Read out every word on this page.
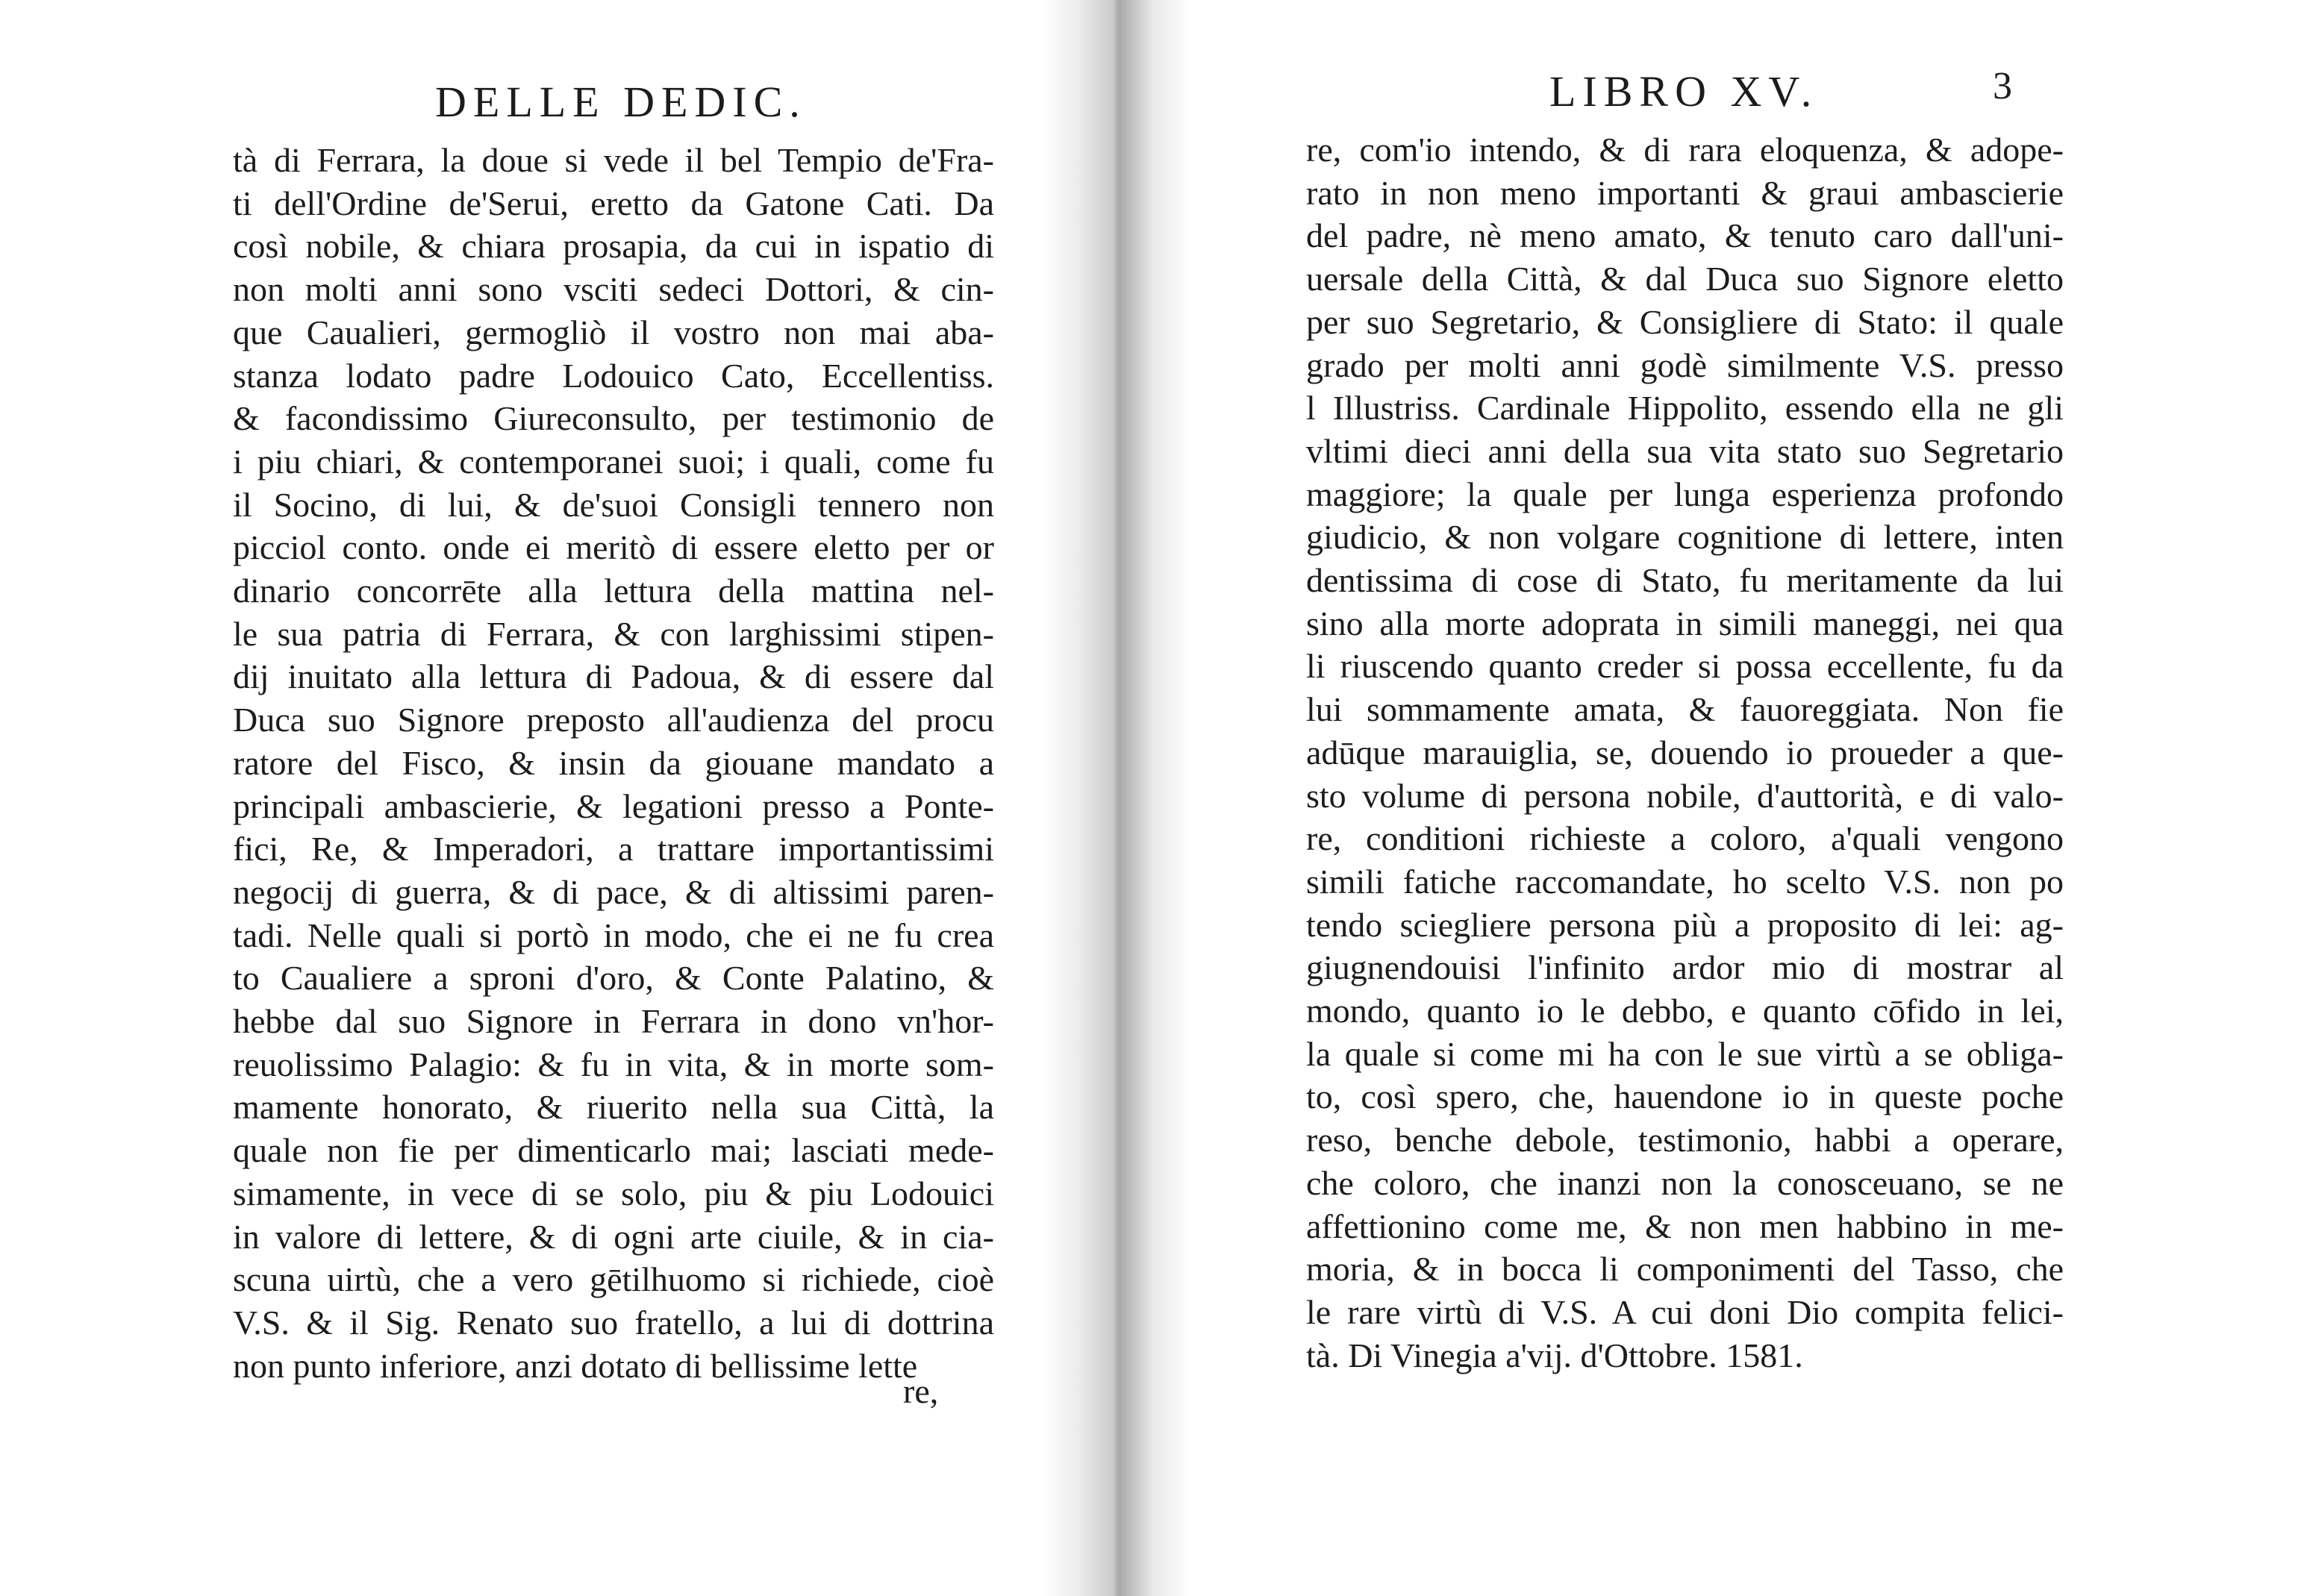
DELLE DEDIC.
tà di Ferrara, la doue si vede il bel Tempio de'Fra-
ti dell'Ordine de'Serui, eretto da Gatone Cati. Da
così nobile, & chiara prosapia, da cui in ispatio di
non molti anni sono vsciti sedeci Dottori, & cin-
que Caualieri, germogliò il vostro non mai aba-
stanza lodato padre Lodouico Cato, Eccellentiss.
& facondissimo Giureconsulto, per testimonio de
i piu chiari, & contemporanei suoi; i quali, come fu
il Socino, di lui, & de'suoi Consigli tennero non
picciol conto. onde ei meritò di essere eletto per or
dinario concorrēte alla lettura della mattina nel-
le sua patria di Ferrara, & con larghissimi stipen-
dij inuitato alla lettura di Padoua, & di essere dal
Duca suo Signore preposto all'audienza del procu
ratore del Fisco, & insin da giouane mandato a
principali ambascierie, & legationi presso a Ponte-
fici, Re, & Imperadori, a trattare importantissimi
negocij di guerra, & di pace, & di altissimi paren-
tadi. Nelle quali si portò in modo, che ei ne fu crea
to Caualiere a sproni d'oro, & Conte Palatino, &
hebbe dal suo Signore in Ferrara in dono vn'hor-
reuolissimo Palagio: & fu in vita, & in morte som-
mamente honorato, & riuerito nella sua Città, la
quale non fie per dimenticarlo mai; lasciati mede-
simamente, in vece di se solo, piu & piu Lodouici
in valore di lettere, & di ogni arte ciuile, & in cia-
scuna uirtù, che a vero gētilhuomo si richiede, cioè
V.S. & il Sig. Renato suo fratello, a lui di dottrina
non punto inferiore, anzi dotato di bellissime lette
re,
LIBRO XV.
re, com'io intendo, & di rara eloquenza, & adope-
rato in non meno importanti & graui ambascierie
del padre, nè meno amato, & tenuto caro dall'uni-
uersale della Città, & dal Duca suo Signore eletto
per suo Segretario, & Consigliere di Stato: il quale
grado per molti anni godè similmente V.S. presso
l Illustriss. Cardinale Hippolito, essendo ella ne gli
vltimi dieci anni della sua vita stato suo Segretario
maggiore; la quale per lunga esperienza profondo
giudicio, & non volgare cognitione di lettere, inten
dentissima di cose di Stato, fu meritamente da lui
sino alla morte adoprata in simili maneggi, nei qua
li riuscendo quanto creder si possa eccellente, fu da
lui sommamente amata, & fauoreggiata. Non fie
adūque marauiglia, se, douendo io proueder a que-
sto volume di persona nobile, d'auttorità, e di valo-
re, conditioni richieste a coloro, a'quali vengono
simili fatiche raccomandate, ho scelto V.S. non po
tendo sciegliere persona più a proposito di lei: ag-
giugnendouisi l'infinito ardor mio di mostrar al
mondo, quanto io le debbo, e quanto cōfido in lei,
la quale si come mi ha con le sue virtù a se obliga-
to, così spero, che, hauendone io in queste poche
reso, benche debole, testimonio, habbi a operare,
che coloro, che inanzi non la conosceuano, se ne
affettionino come me, & non men habbino in me-
moria, & in bocca li componimenti del Tasso, che
le rare virtù di V.S. A cui doni Dio compita felici-
tà. Di Vinegia a'vij. d'Ottobre. 1581.
3
